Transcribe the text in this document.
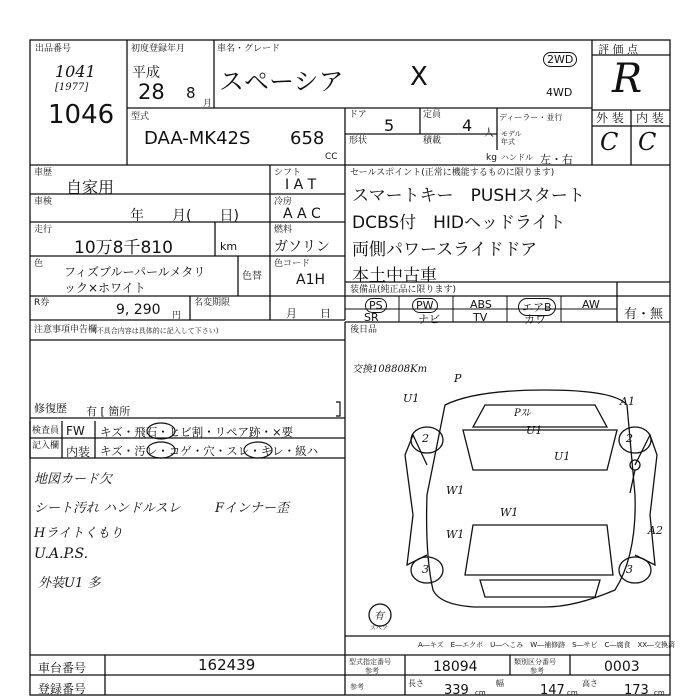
出品番号
1041
[1977]
1046
初度登録年月
平成
28 8
月
車名・グレード
スペーシア	X
2WD
4WD
評 価 点
R
ディーラー・並行
モデル
年式
ハンドル 左・右
外 装 内 装
C C
型式
DAA-MK42S 658
CC
ドア
5
定員
4 人
形状	積載
kg
車歴
自家用
車検
年　　月(　　日)
走行
10万8千810	km
色
フィズブルーパールメタリ
ック×ホワイト
色替
シフト
I A T
冷房
A A C
燃料
ガソリン
色コード
A1H
R券	9, 290 円
名変期限
月 日
注意事項申告欄
(不具合内容は具体的に記入して下さい)
修復歴 有 [ 箇所
検査員
記入欄
FW キズ・飛石・ヒビ割・リペア跡・×要
内装 キズ・汚レ・コゲ・穴・スレ・キレ・級ハ
地図カード欠
シート汚れ ハンドルスレ	Fインナー歪
Hライトくもり
U.A.P.S.
外装U1 多
セールスポイント(正常に機能するものに限ります)
スマートキー　PUSHスタート
DCBS付　HIDヘッドライト
両側パワースライドドア
本土中古車
装備品(純正品に限ります)
PS	PW	ABS	エアB	AW
SR	ナビ	TV	カワ	有・無
後日品
交換108808Km
U1	A1
P
Pｽﾚ
U1
U1
2	2
W1
W1
W1	A2
3	3
有
スペア
A―キズ　E―エクボ　U―へこみ　W―補修跡　S―サビ　C―腐食　XX―交換済
車台番号	162439
登録番号
型式指定番号
参考	18094	類別区分番号
参考	0003
参考	長さ 339 cm
幅	147 cm
高さ 173 cm
